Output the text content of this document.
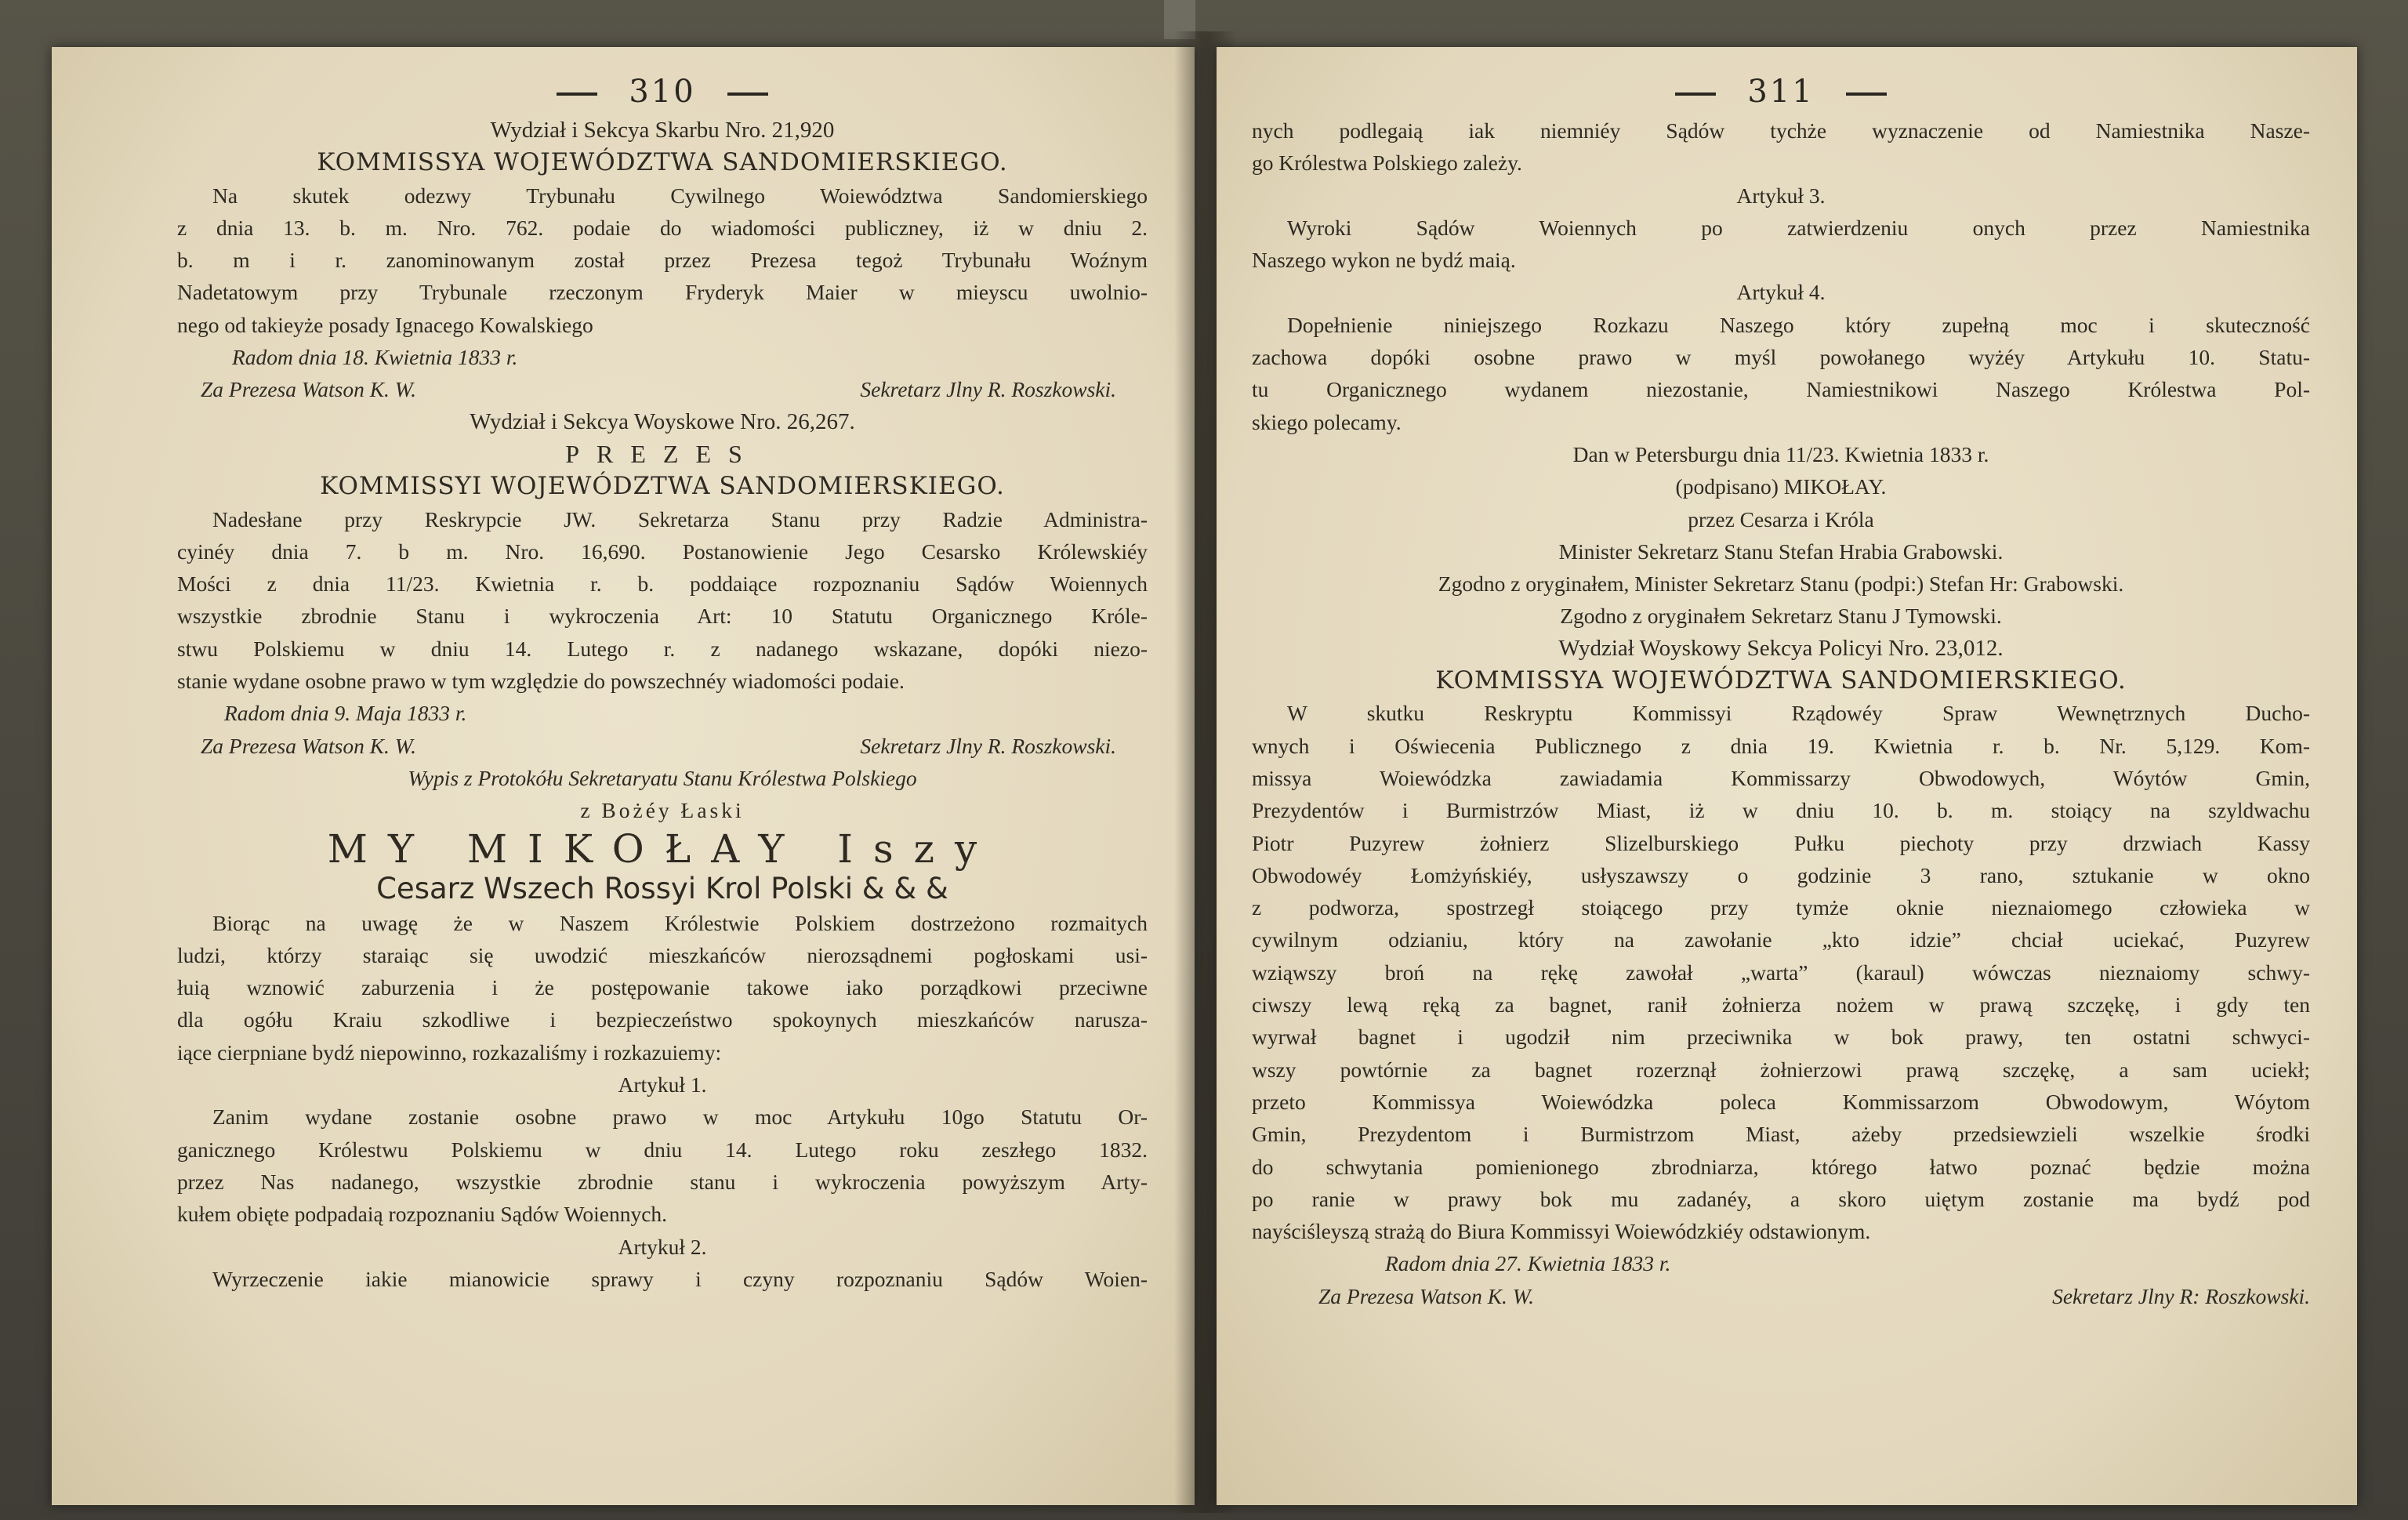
310
Wydział i Sekcya Skarbu Nro. 21,920
KOMMISSYA WOJEWÓDZTWA SANDOMIERSKIEGO.
Na skutek odezwy Trybunału Cywilnego Woiewództwa Sandomierskiego
z dnia 13. b. m. Nro. 762. podaie do wiadomości publiczney, iż w dniu 2.
b. m i r. zanominowanym został przez Prezesa tegoż Trybunału Woźnym
Nadetatowym przy Trybunale rzeczonym Fryderyk Maier w mieyscu uwolnio-
nego od takieyże posady Ignacego Kowalskiego
Radom dnia 18. Kwietnia 1833 r.
Za Prezesa Watson K. W.	Sekretarz Jlny R. Roszkowski.
Wydział i Sekcya Woyskowe Nro. 26,267.
PREZES
KOMMISSYI WOJEWÓDZTWA SANDOMIERSKIEGO.
Nadesłane przy Reskrypcie JW. Sekretarza Stanu przy Radzie Administra-
cyinéy dnia 7. b m. Nro. 16,690. Postanowienie Jego Cesarsko Królewskiéy
Mości z dnia 11/23. Kwietnia r. b. poddaiące rozpoznaniu Sądów Woiennych
wszystkie zbrodnie Stanu i wykroczenia Art: 10 Statutu Organicznego Króle-
stwu Polskiemu w dniu 14. Lutego r. z nadanego wskazane, dopóki niezo-
stanie wydane osobne prawo w tym względzie do powszechnéy wiadomości podaie.
Radom dnia 9. Maja 1833 r.
Za Prezesa Watson K. W.	Sekretarz Jlny R. Roszkowski.
Wypis z Protokółu Sekretaryatu Stanu Królestwa Polskiego
z Bożéy Łaski
MY MIKOŁAY Iszy
Cesarz Wszech Rossyi Krol Polski & & &
Biorąc na uwagę że w Naszem Królestwie Polskiem dostrzeżono rozmaitych
ludzi, którzy staraiąc się uwodzić mieszkańców nierozsądnemi pogłoskami usi-
łuią wznowić zaburzenia i że postępowanie takowe iako porządkowi przeciwne
dla ogółu Kraiu szkodliwe i bezpieczeństwo spokoynych mieszkańców narusza-
iące cierpniane bydź niepowinno, rozkazaliśmy i rozkazuiemy:
Artykuł 1.
Zanim wydane zostanie osobne prawo w moc Artykułu 10go Statutu Or-
ganicznego Królestwu Polskiemu w dniu 14. Lutego roku zeszłego 1832.
przez Nas nadanego, wszystkie zbrodnie stanu i wykroczenia powyższym Arty-
kułem obięte podpadaią rozpoznaniu Sądów Woiennych.
Artykuł 2.
Wyrzeczenie iakie mianowicie sprawy i czyny rozpoznaniu Sądów Woien-
311
nych podlegaią iak niemniéy Sądów tychże wyznaczenie od Namiestnika Nasze-
go Królestwa Polskiego zależy.
Artykuł 3.
Wyroki Sądów Woiennych po zatwierdzeniu onych przez Namiestnika
Naszego wykon ne bydź maią.
Artykuł 4.
Dopełnienie niniejszego Rozkazu Naszego który zupełną moc i skuteczność
zachowa dopóki osobne prawo w myśl powołanego wyżéy Artykułu 10. Statu-
tu Organicznego wydanem niezostanie, Namiestnikowi Naszego Królestwa Pol-
skiego polecamy.
Dan w Petersburgu dnia 11/23. Kwietnia 1833 r.
(podpisano) MIKOŁAY.
przez Cesarza i Króla
Minister Sekretarz Stanu Stefan Hrabia Grabowski.
Zgodno z oryginałem, Minister Sekretarz Stanu (podpi:) Stefan Hr: Grabowski.
Zgodno z oryginałem Sekretarz Stanu J Tymowski.
Wydział Woyskowy Sekcya Policyi Nro. 23,012.
KOMMISSYA WOJEWÓDZTWA SANDOMIERSKIEGO.
W skutku Reskryptu Kommissyi Rządowéy Spraw Wewnętrznych Ducho-
wnych i Oświecenia Publicznego z dnia 19. Kwietnia r. b. Nr. 5,129. Kom-
missya Woiewódzka zawiadamia Kommissarzy Obwodowych, Wóytów Gmin,
Prezydentów i Burmistrzów Miast, iż w dniu 10. b. m. stoiący na szyldwachu
Piotr Puzyrew żołnierz Slizelburskiego Pułku piechoty przy drzwiach Kassy
Obwodowéy Łomżyńskiéy, usłyszawszy o godzinie 3 rano, sztukanie w okno
z podworza, spostrzegł stoiącego przy tymże oknie nieznaiomego człowieka w
cywilnym odzianiu, który na zawołanie „kto idzie” chciał uciekać, Puzyrew
wziąwszy broń na rękę zawołał „warta” (karaul) wówczas nieznaiomy schwy-
ciwszy lewą ręką za bagnet, ranił żołnierza nożem w prawą szczękę, i gdy ten
wyrwał bagnet i ugodził nim przeciwnika w bok prawy, ten ostatni schwyci-
wszy powtórnie za bagnet rozerznął żołnierzowi prawą szczękę, a sam uciekł;
przeto Kommissya Woiewódzka poleca Kommissarzom Obwodowym, Wóytom
Gmin, Prezydentom i Burmistrzom Miast, ażeby przedsiewzieli wszelkie środki
do schwytania pomienionego zbrodniarza, którego łatwo poznać będzie można
po ranie w prawy bok mu zadanéy, a skoro uiętym zostanie ma bydź pod
nayściśleyszą strażą do Biura Kommissyi Woiewódzkiéy odstawionym.
Radom dnia 27. Kwietnia 1833 r.
Za Prezesa Watson K. W.	Sekretarz Jlny R: Roszkowski.
